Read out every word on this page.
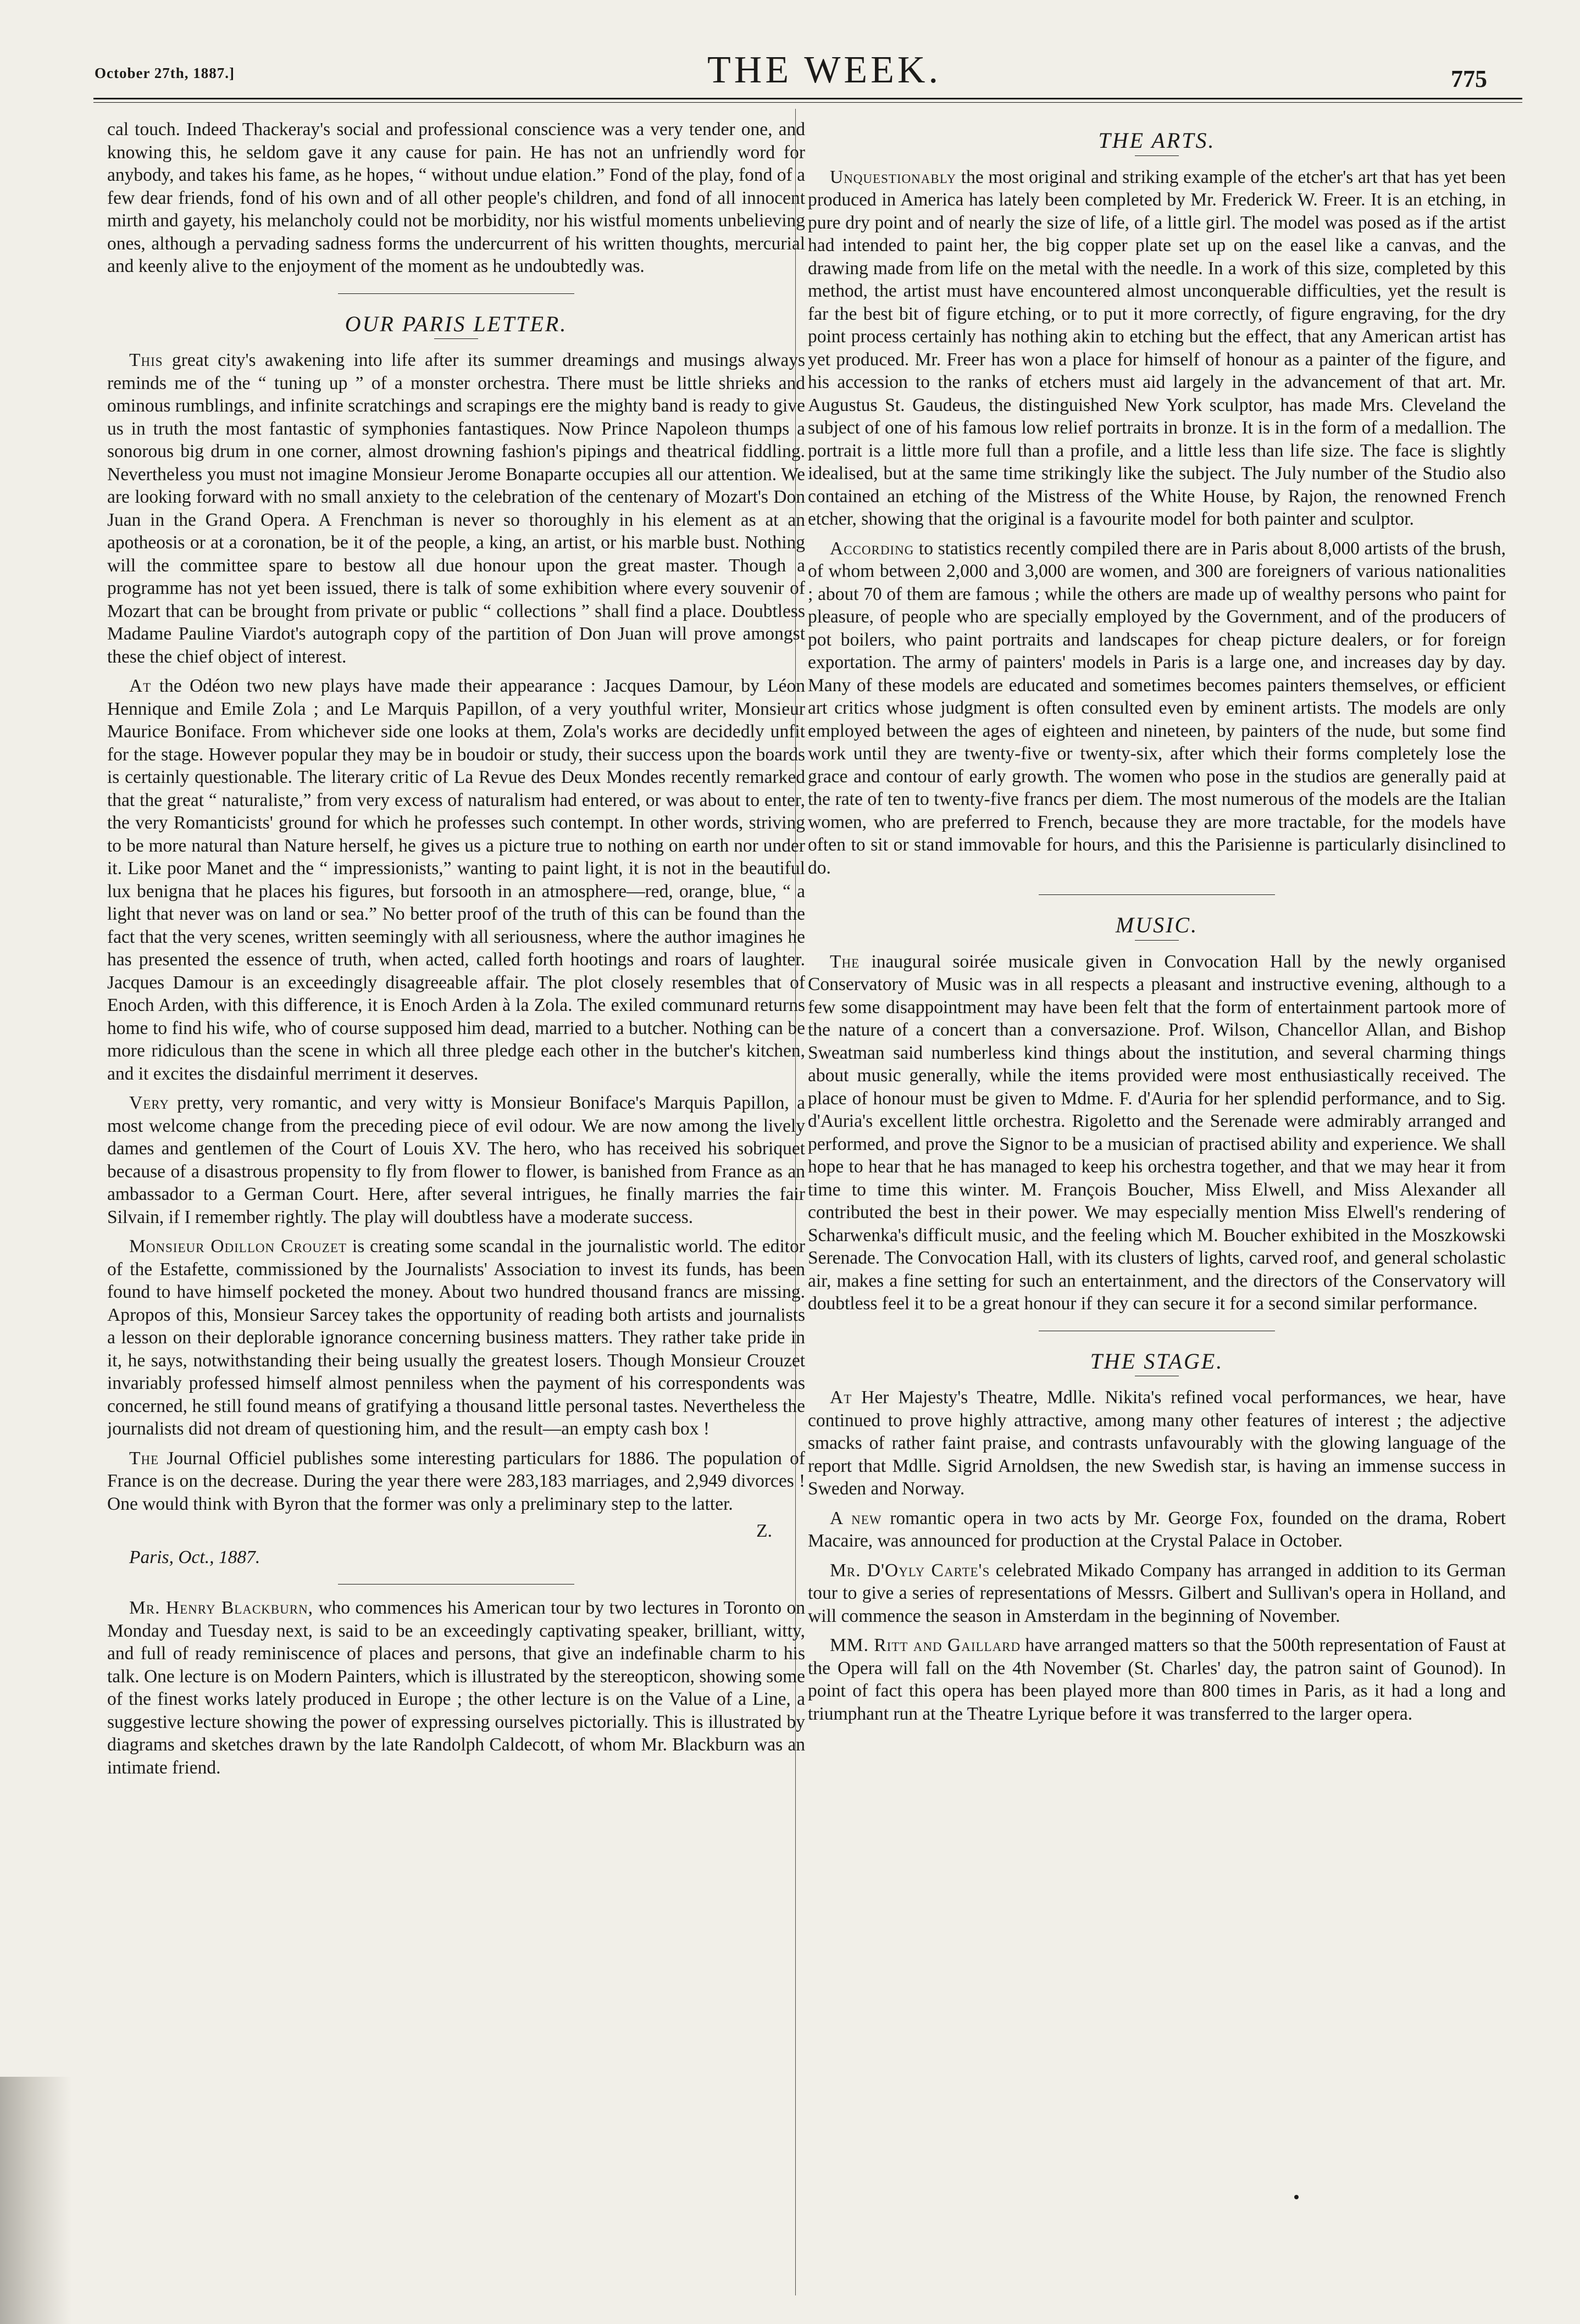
October 27th, 1887.]	THE WEEK.	775

cal touch. Indeed Thackeray's social and professional conscience was a very tender one, and knowing this, he seldom gave it any cause for pain. He has not an unfriendly word for anybody, and takes his fame, as he hopes, “ without undue elation.” Fond of the play, fond of a few dear friends, fond of his own and of all other people's children, and fond of all innocent mirth and gayety, his melancholy could not be morbidity, nor his wistful moments unbelieving ones, although a pervading sadness forms the undercurrent of his written thoughts, mercurial and keenly alive to the enjoyment of the moment as he undoubtedly was.

OUR PARIS LETTER.

This great city's awakening into life after its summer dreamings and musings always reminds me of the “ tuning up ” of a monster orchestra. There must be little shrieks and ominous rumblings, and infinite scratchings and scrapings ere the mighty band is ready to give us in truth the most fantastic of symphonies fantastiques. Now Prince Napoleon thumps a sonorous big drum in one corner, almost drowning fashion's pipings and theatrical fiddling. Nevertheless you must not imagine Monsieur Jerome Bonaparte occupies all our attention. We are looking forward with no small anxiety to the celebration of the centenary of Mozart's Don Juan in the Grand Opera. A Frenchman is never so thoroughly in his element as at an apotheosis or at a coronation, be it of the people, a king, an artist, or his marble bust. Nothing will the committee spare to bestow all due honour upon the great master. Though a programme has not yet been issued, there is talk of some exhibition where every souvenir of Mozart that can be brought from private or public “ collections ” shall find a place. Doubtless Madame Pauline Viardot's autograph copy of the partition of Don Juan will prove amongst these the chief object of interest.

At the Odéon two new plays have made their appearance : Jacques Damour, by Léon Hennique and Emile Zola ; and Le Marquis Papillon, of a very youthful writer, Monsieur Maurice Boniface. From whichever side one looks at them, Zola's works are decidedly unfit for the stage. However popular they may be in boudoir or study, their success upon the boards is certainly questionable. The literary critic of La Revue des Deux Mondes recently remarked that the great “ naturaliste,” from very excess of naturalism had entered, or was about to enter, the very Romanticists' ground for which he professes such contempt. In other words, striving to be more natural than Nature herself, he gives us a picture true to nothing on earth nor under it. Like poor Manet and the “ impressionists,” wanting to paint light, it is not in the beautiful lux benigna that he places his figures, but forsooth in an atmosphere—red, orange, blue, “ a light that never was on land or sea.” No better proof of the truth of this can be found than the fact that the very scenes, written seemingly with all seriousness, where the author imagines he has presented the essence of truth, when acted, called forth hootings and roars of laughter. Jacques Damour is an exceedingly disagreeable affair. The plot closely resembles that of Enoch Arden, with this difference, it is Enoch Arden à la Zola. The exiled communard returns home to find his wife, who of course supposed him dead, married to a butcher. Nothing can be more ridiculous than the scene in which all three pledge each other in the butcher's kitchen, and it excites the disdainful merriment it deserves.

Very pretty, very romantic, and very witty is Monsieur Boniface's Marquis Papillon, a most welcome change from the preceding piece of evil odour. We are now among the lively dames and gentlemen of the Court of Louis XV. The hero, who has received his sobriquet because of a disastrous propensity to fly from flower to flower, is banished from France as an ambassador to a German Court. Here, after several intrigues, he finally marries the fair Silvain, if I remember rightly. The play will doubtless have a moderate success.

Monsieur Odillon Crouzet is creating some scandal in the journalistic world. The editor of the Estafette, commissioned by the Journalists' Association to invest its funds, has been found to have himself pocketed the money. About two hundred thousand francs are missing. Apropos of this, Monsieur Sarcey takes the opportunity of reading both artists and journalists a lesson on their deplorable ignorance concerning business matters. They rather take pride in it, he says, notwithstanding their being usually the greatest losers. Though Monsieur Crouzet invariably professed himself almost penniless when the payment of his correspondents was concerned, he still found means of gratifying a thousand little personal tastes. Nevertheless the journalists did not dream of questioning him, and the result—an empty cash box !

The Journal Officiel publishes some interesting particulars for 1886. The population of France is on the decrease. During the year there were 283,183 marriages, and 2,949 divorces ! One would think with Byron that the former was only a preliminary step to the latter.

Z.
Paris, Oct., 1887.

Mr. Henry Blackburn, who commences his American tour by two lectures in Toronto on Monday and Tuesday next, is said to be an exceedingly captivating speaker, brilliant, witty, and full of ready reminiscence of places and persons, that give an indefinable charm to his talk. One lecture is on Modern Painters, which is illustrated by the stereopticon, showing some of the finest works lately produced in Europe ; the other lecture is on the Value of a Line, a suggestive lecture showing the power of expressing ourselves pictorially. This is illustrated by diagrams and sketches drawn by the late Randolph Caldecott, of whom Mr. Blackburn was an intimate friend.

THE ARTS.

Unquestionably the most original and striking example of the etcher's art that has yet been produced in America has lately been completed by Mr. Frederick W. Freer. It is an etching, in pure dry point and of nearly the size of life, of a little girl. The model was posed as if the artist had intended to paint her, the big copper plate set up on the easel like a canvas, and the drawing made from life on the metal with the needle. In a work of this size, completed by this method, the artist must have encountered almost unconquerable difficulties, yet the result is far the best bit of figure etching, or to put it more correctly, of figure engraving, for the dry point process certainly has nothing akin to etching but the effect, that any American artist has yet produced. Mr. Freer has won a place for himself of honour as a painter of the figure, and his accession to the ranks of etchers must aid largely in the advancement of that art. Mr. Augustus St. Gaudeus, the distinguished New York sculptor, has made Mrs. Cleveland the subject of one of his famous low relief portraits in bronze. It is in the form of a medallion. The portrait is a little more full than a profile, and a little less than life size. The face is slightly idealised, but at the same time strikingly like the subject. The July number of the Studio also contained an etching of the Mistress of the White House, by Rajon, the renowned French etcher, showing that the original is a favourite model for both painter and sculptor.

According to statistics recently compiled there are in Paris about 8,000 artists of the brush, of whom between 2,000 and 3,000 are women, and 300 are foreigners of various nationalities ; about 70 of them are famous ; while the others are made up of wealthy persons who paint for pleasure, of people who are specially employed by the Government, and of the producers of pot boilers, who paint portraits and landscapes for cheap picture dealers, or for foreign exportation. The army of painters' models in Paris is a large one, and increases day by day. Many of these models are educated and sometimes becomes painters themselves, or efficient art critics whose judgment is often consulted even by eminent artists. The models are only employed between the ages of eighteen and nineteen, by painters of the nude, but some find work until they are twenty-five or twenty-six, after which their forms completely lose the grace and contour of early growth. The women who pose in the studios are generally paid at the rate of ten to twenty-five francs per diem. The most numerous of the models are the Italian women, who are preferred to French, because they are more tractable, for the models have often to sit or stand immovable for hours, and this the Parisienne is particularly disinclined to do.

MUSIC.

The inaugural soirée musicale given in Convocation Hall by the newly organised Conservatory of Music was in all respects a pleasant and instructive evening, although to a few some disappointment may have been felt that the form of entertainment partook more of the nature of a concert than a conversazione. Prof. Wilson, Chancellor Allan, and Bishop Sweatman said numberless kind things about the institution, and several charming things about music generally, while the items provided were most enthusiastically received. The place of honour must be given to Mdme. F. d'Auria for her splendid performance, and to Sig. d'Auria's excellent little orchestra. Rigoletto and the Serenade were admirably arranged and performed, and prove the Signor to be a musician of practised ability and experience. We shall hope to hear that he has managed to keep his orchestra together, and that we may hear it from time to time this winter. M. François Boucher, Miss Elwell, and Miss Alexander all contributed the best in their power. We may especially mention Miss Elwell's rendering of Scharwenka's difficult music, and the feeling which M. Boucher exhibited in the Moszkowski Serenade. The Convocation Hall, with its clusters of lights, carved roof, and general scholastic air, makes a fine setting for such an entertainment, and the directors of the Conservatory will doubtless feel it to be a great honour if they can secure it for a second similar performance.

THE STAGE.

At Her Majesty's Theatre, Mdlle. Nikita's refined vocal performances, we hear, have continued to prove highly attractive, among many other features of interest ; the adjective smacks of rather faint praise, and contrasts unfavourably with the glowing language of the report that Mdlle. Sigrid Arnoldsen, the new Swedish star, is having an immense success in Sweden and Norway.

A new romantic opera in two acts by Mr. George Fox, founded on the drama, Robert Macaire, was announced for production at the Crystal Palace in October.

Mr. D'Oyly Carte's celebrated Mikado Company has arranged in addition to its German tour to give a series of representations of Messrs. Gilbert and Sullivan's opera in Holland, and will commence the season in Amsterdam in the beginning of November.

MM. Ritt and Gaillard have arranged matters so that the 500th representation of Faust at the Opera will fall on the 4th November (St. Charles' day, the patron saint of Gounod). In point of fact this opera has been played more than 800 times in Paris, as it had a long and triumphant run at the Theatre Lyrique before it was transferred to the larger opera.
